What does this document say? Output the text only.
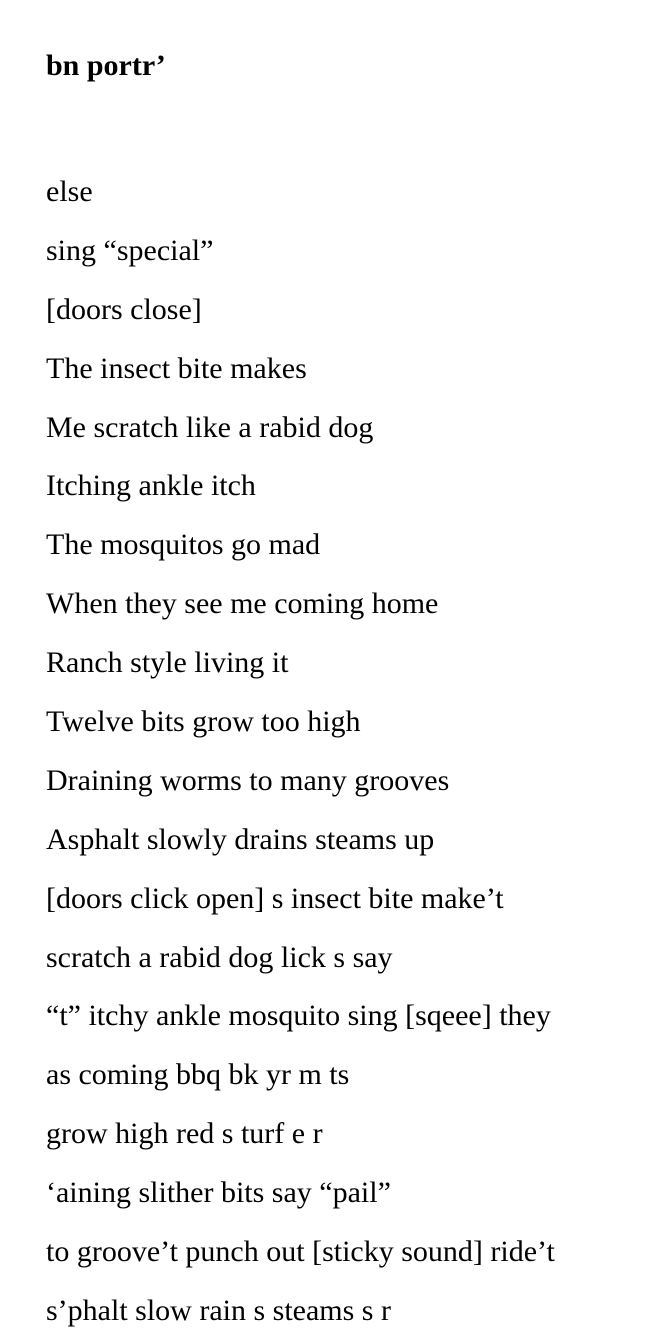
bn portr’
else
sing “special”
[doors close]
The insect bite makes
Me scratch like a rabid dog
Itching ankle itch
The mosquitos go mad
When they see me coming home
Ranch style living it
Twelve bits grow too high
Draining worms to many grooves
Asphalt slowly drains steams up
[doors click open] s insect bite make’t
scratch a rabid dog lick s say
“t” itchy ankle mosquito sing [sqeee] they
as coming bbq bk yr m ts
grow high red s turf e r
‘aining slither bits say “pail”
to groove’t punch out [sticky sound] ride’t
s’phalt slow rain s steams s r
